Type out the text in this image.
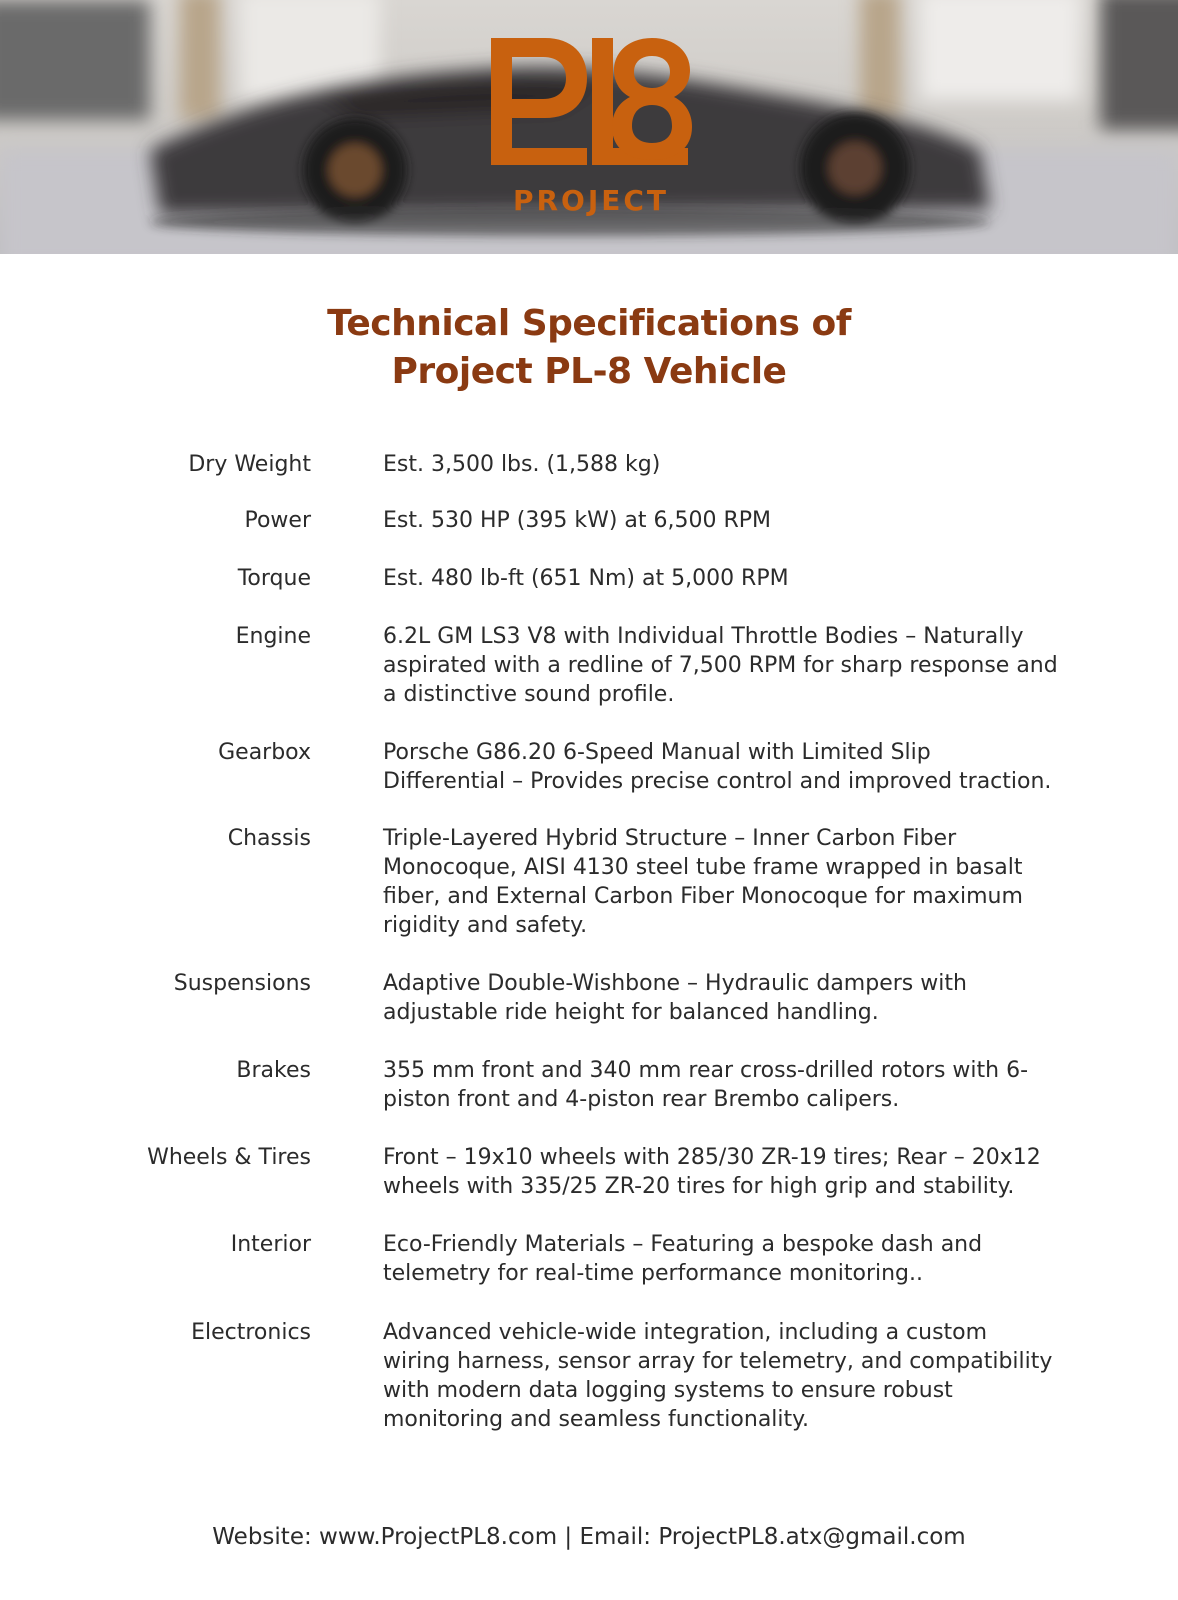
PROJECT
Technical Specifications of
Project PL-8 Vehicle
Dry Weight	Est. 3,500 lbs. (1,588 kg)
Power	Est. 530 HP (395 kW) at 6,500 RPM
Torque	Est. 480 lb-ft (651 Nm) at 5,000 RPM
Engine	6.2L GM LS3 V8 with Individual Throttle Bodies – Naturally
aspirated with a redline of 7,500 RPM for sharp response and
a distinctive sound profile.
Gearbox	Porsche G86.20 6-Speed Manual with Limited Slip
Differential – Provides precise control and improved traction.
Chassis	Triple-Layered Hybrid Structure – Inner Carbon Fiber
Monocoque, AISI 4130 steel tube frame wrapped in basalt
fiber, and External Carbon Fiber Monocoque for maximum
rigidity and safety.
Suspensions	Adaptive Double-Wishbone – Hydraulic dampers with
adjustable ride height for balanced handling.
Brakes	355 mm front and 340 mm rear cross-drilled rotors with 6-
piston front and 4-piston rear Brembo calipers.
Wheels & Tires	Front – 19x10 wheels with 285/30 ZR-19 tires; Rear – 20x12
wheels with 335/25 ZR-20 tires for high grip and stability.
Interior	Eco-Friendly Materials – Featuring a bespoke dash and
telemetry for real-time performance monitoring..
Electronics	Advanced vehicle-wide integration, including a custom
wiring harness, sensor array for telemetry, and compatibility
with modern data logging systems to ensure robust
monitoring and seamless functionality.
Website: www.ProjectPL8.com | Email: ProjectPL8.atx@gmail.com
